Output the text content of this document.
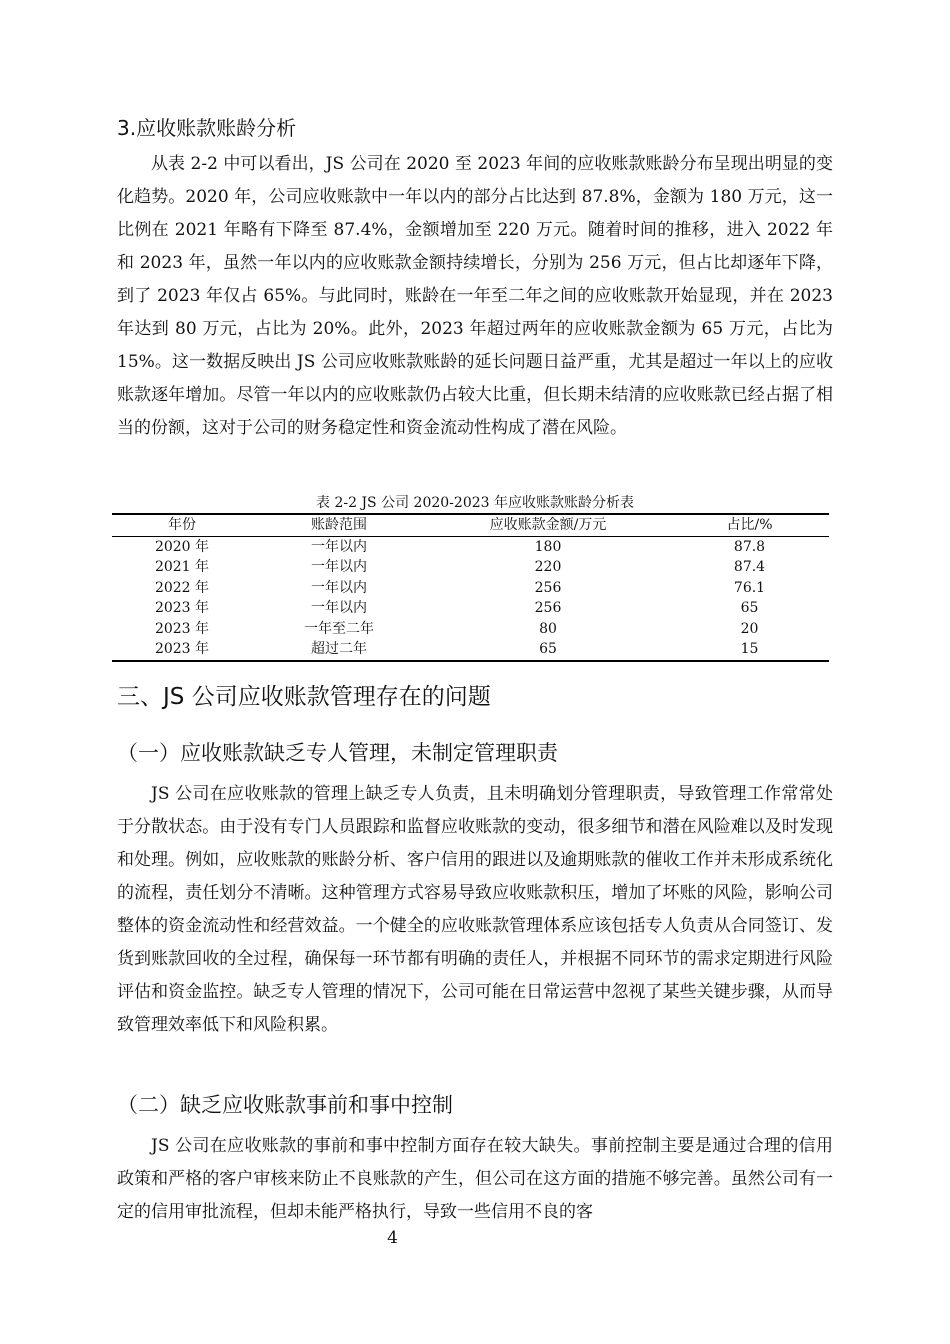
3.应收账款账龄分析

从表 2-2 中可以看出，JS 公司在 2020 至 2023 年间的应收账款账龄分布呈现出明显的变化趋势。2020 年，公司应收账款中一年以内的部分占比达到 87.8%，金额为 180 万元，这一比例在 2021 年略有下降至 87.4%，金额增加至 220 万元。随着时间的推移，进入 2022 年和 2023 年，虽然一年以内的应收账款金额持续增长，分别为 256 万元，但占比却逐年下降，到了 2023 年仅占 65%。与此同时，账龄在一年至二年之间的应收账款开始显现，并在 2023 年达到 80 万元，占比为 20%。此外，2023 年超过两年的应收账款金额为 65 万元，占比为 15%。这一数据反映出 JS 公司应收账款账龄的延长问题日益严重，尤其是超过一年以上的应收账款逐年增加。尽管一年以内的应收账款仍占较大比重，但长期未结清的应收账款已经占据了相当的份额，这对于公司的财务稳定性和资金流动性构成了潜在风险。

表 2-2 JS 公司 2020-2023 年应收账款账龄分析表
年份	账龄范围	应收账款金额/万元	占比/%
2020 年	一年以内	180	87.8
2021 年	一年以内	220	87.4
2022 年	一年以内	256	76.1
2023 年	一年以内	256	65
2023 年	一年至二年	80	20
2023 年	超过二年	65	15
三、JS 公司应收账款管理存在的问题
（一）应收账款缺乏专人管理，未制定管理职责

JS 公司在应收账款的管理上缺乏专人负责，且未明确划分管理职责，导致管理工作常常处于分散状态。由于没有专门人员跟踪和监督应收账款的变动，很多细节和潜在风险难以及时发现和处理。例如，应收账款的账龄分析、客户信用的跟进以及逾期账款的催收工作并未形成系统化的流程，责任划分不清晰。这种管理方式容易导致应收账款积压，增加了坏账的风险，影响公司整体的资金流动性和经营效益。一个健全的应收账款管理体系应该包括专人负责从合同签订、发货到账款回收的全过程，确保每一环节都有明确的责任人，并根据不同环节的需求定期进行风险评估和资金监控。缺乏专人管理的情况下，公司可能在日常运营中忽视了某些关键步骤，从而导致管理效率低下和风险积累。

（二）缺乏应收账款事前和事中控制

JS 公司在应收账款的事前和事中控制方面存在较大缺失。事前控制主要是通过合理的信用政策和严格的客户审核来防止不良账款的产生，但公司在这方面的措施不够完善。虽然公司有一定的信用审批流程，但却未能严格执行，导致一些信用不良的客

4
